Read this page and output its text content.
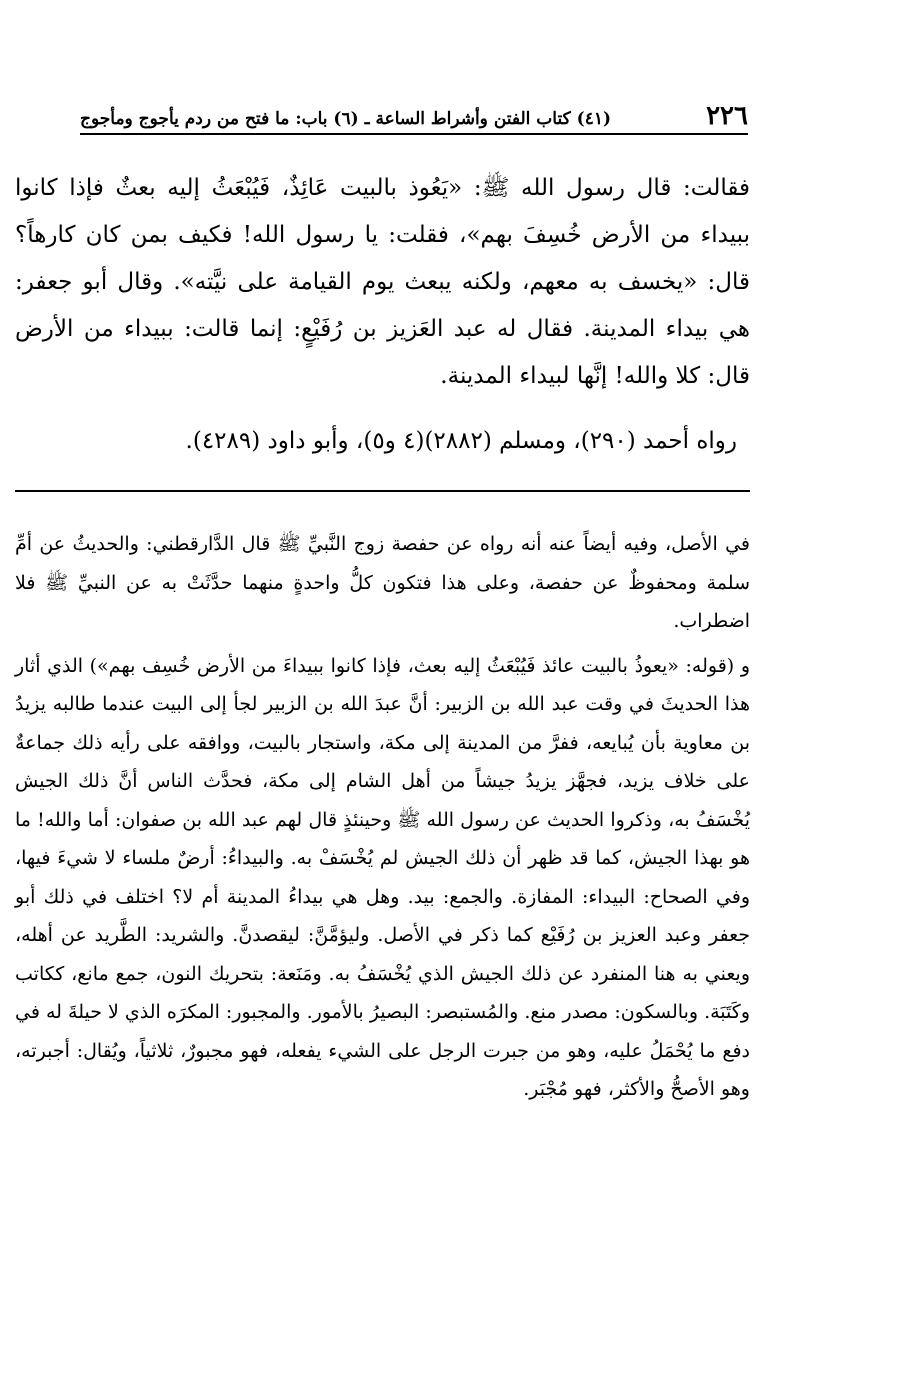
٢٢٦
(٤١) كتاب الفتن وأشراط الساعة ـ (٦) باب: ما فتح من ردم يأجوج ومأجوج

فقالت: قال رسول الله ﷺ: «يَعُوذ بالبيت عَائِذٌ، فَيُبْعَثُ إليه بعثٌ فإذا كانوا ببيداء من الأرض خُسِفَ بهم»، فقلت: يا رسول الله! فكيف بمن كان كارهاً؟ قال: «يخسف به معهم، ولكنه يبعث يوم القيامة على نيَّته». وقال أبو جعفر: هي بيداء المدينة. فقال له عبد العَزيز بن رُفَيْعٍ: إنما قالت: ببيداء من الأرض قال: كلا والله! إنَّها لبيداء المدينة.

رواه أحمد (٢٩٠)، ومسلم (٢٨٨٢)(٤ و٥)، وأبو داود (٤٢٨٩).

في الأصل، وفيه أيضاً عنه أنه رواه عن حفصة زوج النَّبيِّ ﷺ قال الدَّارقطني: والحديثُ عن أمِّ سلمة ومحفوظٌ عن حفصة، وعلى هذا فتكون كلُّ واحدةٍ منهما حدَّثَتْ به عن النبيِّ ﷺ فلا اضطراب.

و (قوله: «يعوذُ بالبيت عائذ فَيُبْعَثُ إليه بعث، فإذا كانوا ببيداءَ من الأرض خُسِف بهم») الذي أثار هذا الحديثَ في وقت عبد الله بن الزبير: أنَّ عبدَ الله بن الزبير لجأ إلى البيت عندما طالبه يزيدُ بن معاوية بأن يُبايعه، ففرَّ من المدينة إلى مكة، واستجار بالبيت، ووافقه على رأيه ذلك جماعةٌ على خلاف يزيد، فجهَّز يزيدُ جيشاً من أهل الشام إلى مكة، فحدَّث الناس أنَّ ذلك الجيش يُخْسَفُ به، وذكروا الحديث عن رسول الله ﷺ وحينئذٍ قال لهم عبد الله بن صفوان: أما والله! ما هو بهذا الجيش، كما قد ظهر أن ذلك الجيش لم يُخْسَفْ به. والبيداءُ: أرضٌ ملساء لا شيءَ فيها، وفي الصحاح: البيداء: المفازة. والجمع: بيد. وهل هي بيداءُ المدينة أم لا؟ اختلف في ذلك أبو جعفر وعبد العزيز بن رُفَيْع كما ذكر في الأصل. وليؤمَّنَّ: ليقصدنَّ. والشريد: الطَّريد عن أهله، ويعني به هنا المنفرد عن ذلك الجيش الذي يُخْسَفُ به. ومَنَعة: بتحريك النون، جمع مانع، ككاتب وكَتَبَة. وبالسكون: مصدر منع. والمُستبصر: البصيرُ بالأمور. والمجبور: المكرَه الذي لا حيلةَ له في دفع ما يُحْمَلُ عليه، وهو من جبرت الرجل على الشيء يفعله، فهو مجبورٌ، ثلاثياً، ويُقال: أجبرته، وهو الأصحُّ والأكثر، فهو مُجْبَر.
